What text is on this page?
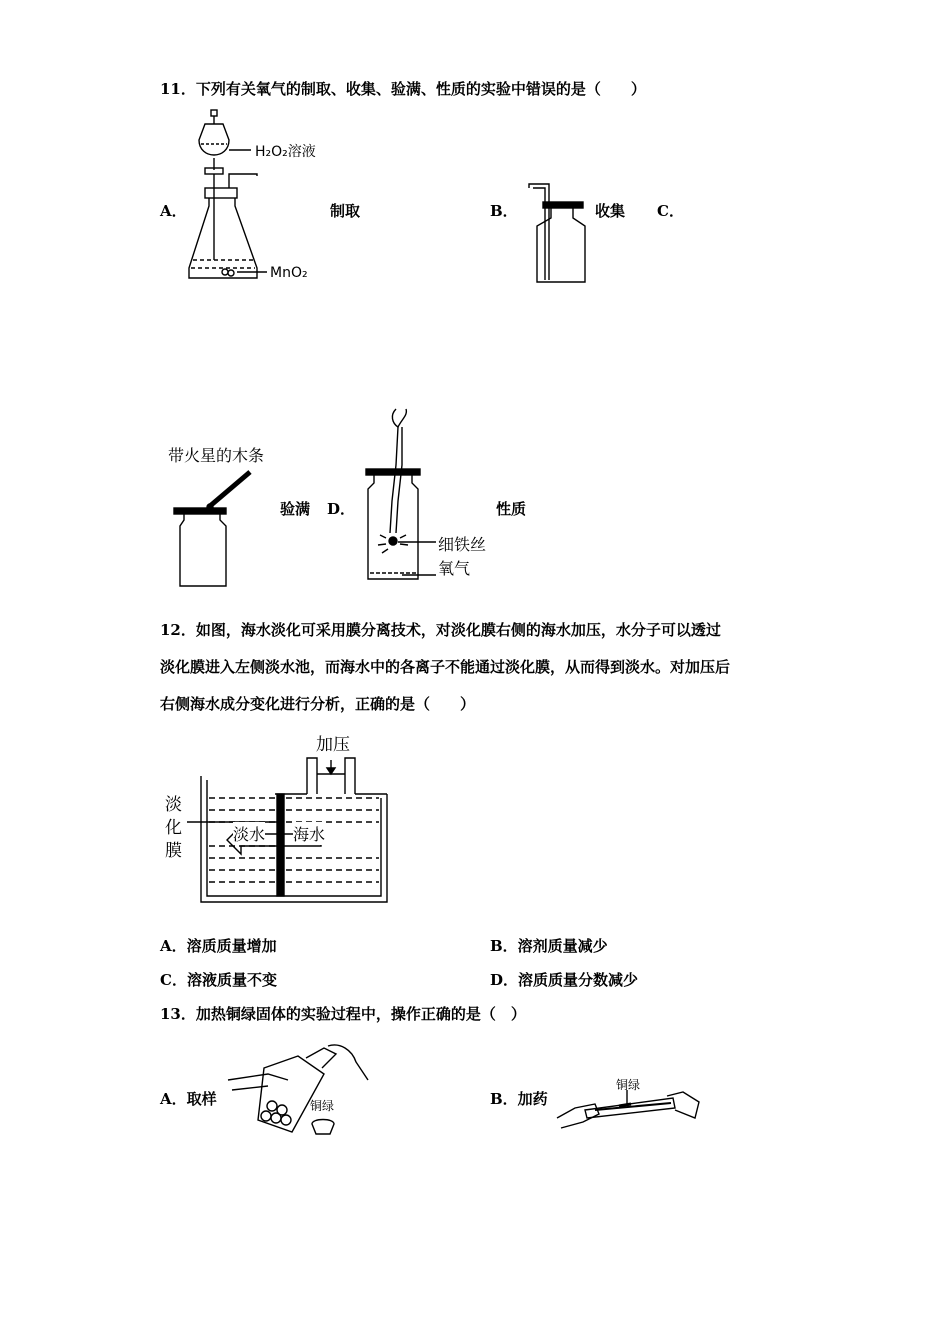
11．下列有关氧气的制取、收集、验满、性质的实验中错误的是（　　）
A．
H₂O₂溶液
MnO₂
制取	B．	收集 C．
带火星的木条
验满 D．
细铁丝
氧气
性质
12．如图，海水淡化可采用膜分离技术，对淡化膜右侧的海水加压，水分子可以透过
淡化膜进入左侧淡水池，而海水中的各离子不能通过淡化膜，从而得到淡水。对加压后
右侧海水成分变化进行分析，正确的是（　　）
加压
淡
化
膜
淡水 海水
A．溶质质量增加	B．溶剂质量减少
C．溶液质量不变	D．溶质质量分数减少
13．加热铜绿固体的实验过程中，操作正确的是（　）
A．取样	铜绿	B．加药
铜绿
